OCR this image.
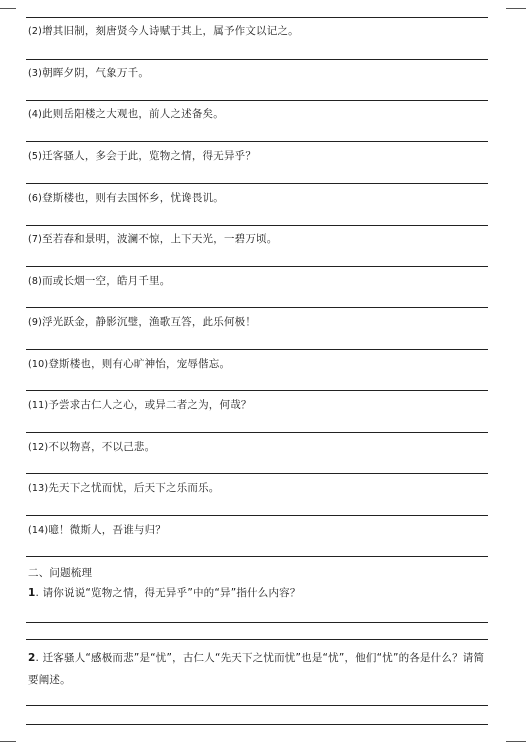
(2)增其旧制，刻唐贤今人诗赋于其上，属予作文以记之。
(3)朝晖夕阴，气象万千。
(4)此则岳阳楼之大观也，前人之述备矣。
(5)迁客骚人，多会于此，览物之情，得无异乎？
(6)登斯楼也，则有去国怀乡，忧谗畏讥。
(7)至若春和景明，波澜不惊，上下天光，一碧万顷。
(8)而或长烟一空，皓月千里。
(9)浮光跃金，静影沉璧，渔歌互答，此乐何极！
(10)登斯楼也，则有心旷神怡，宠辱偕忘。
(11)予尝求古仁人之心，或异二者之为，何哉？
(12)不以物喜，不以己悲。
(13)先天下之忧而忧，后天下之乐而乐。
(14)噫！微斯人，吾谁与归？
二、问题梳理
1. 请你说说“览物之情，得无异乎”中的“异”指什么内容？
2. 迁客骚人“感极而悲”是“忧”，古仁人“先天下之忧而忧”也是“忧”，他们“忧”的各是什么？请简要阐述。
